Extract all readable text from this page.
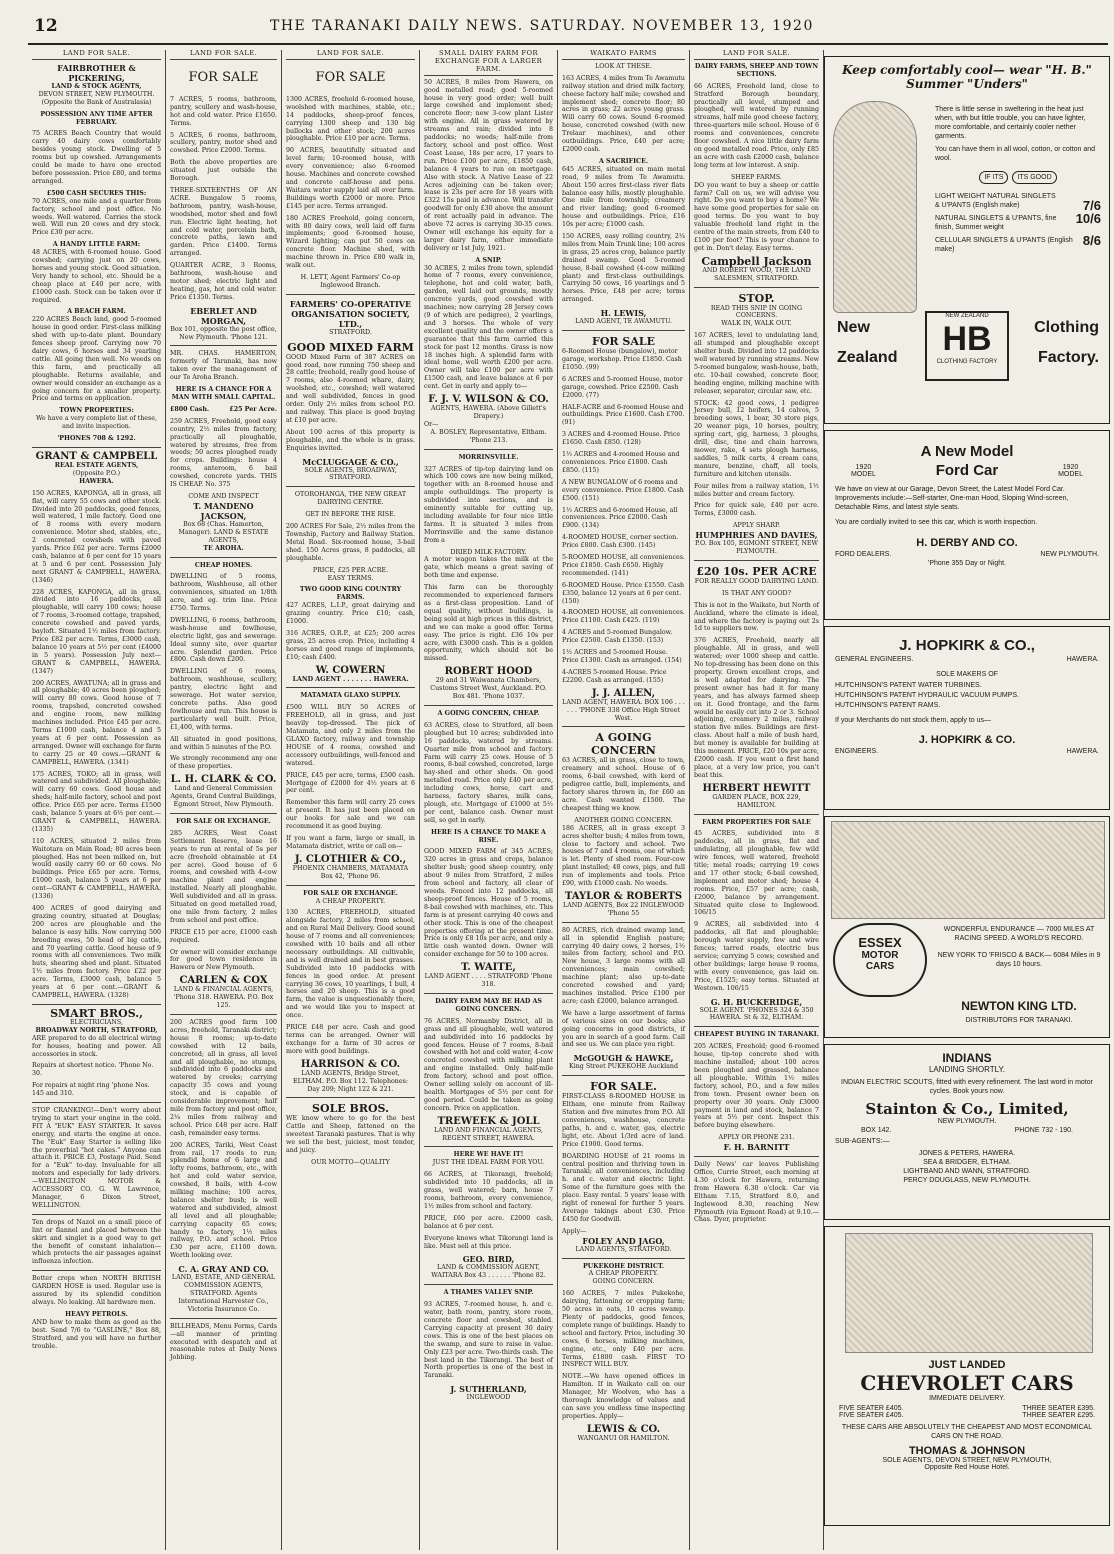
12	THE TARANAKI DAILY NEWS. SATURDAY. NOVEMBER 13, 1920
LAND FOR SALE.
FAIRBROTHER & PICKERING,
LAND & STOCK AGENTS,
DEVON STREET, NEW PLYMOUTH. (Opposite the Bank of Australasia)
POSSESSION ANY TIME AFTER FEBRUARY.

75 ACRES Beach Country that would carry 40 dairy cows comfortably besides young stock. Dwelling of 5 rooms but up cowshed. Arrangements could be made to have one erected before possession. Price £80, and terms arranged.

£500 CASH SECURES THIS:

70 ACRES, one mile and a quarter from factory, school and post office. No weeds. Well watered. Carries the stock well. Will run 20 cows and dry stock. Price £30 per acre.

A HANDY LITTLE FARM:

48 ACRES, with 6-roomed house. Good cowshed; carrying just on 20 cows, horses and young stock. Good situation. Very handy to school, etc. Should be a cheap place at £40 per acre, with £1000 cash. Stock can be taken over if required.

A BEACH FARM.

220 ACRES Beach land, good 5-roomed house in good order. First-class milking shed with up-to-date plant. Boundary fences sheep proof. Carrying now 70 dairy cows, 6 horses and 34 yearling cattle. All going then well. No weeds on this farm, and practically all ploughable. Returns available, and owner would consider an exchange as a going concern for a smaller property. Price and terms on application.

TOWN PROPERTIES:

We have a very complete list of these, and invite inspection.

'PHONES 708 & 1292.
GRANT & CAMPBELL
REAL ESTATE AGENTS,
(Opposite P.O.)
HAWERA.

150 ACRES, KAPONGA, all in grass, all flat, will carry 55 cows and other stock. Divided into 20 paddocks, good fences, well watered, 1 mile factory. Good one of 8 rooms with every modern convenience. Motor shed, stables, etc., 2 concreted cowsheds with paved yards. Price £62 per acre. Terms £2000 cash, balance at 6 per cent for 15 years at 5 and 6 per cent. Possession July next GRANT & CAMPBELL, HAWERA. (1346)

228 ACRES, KAPONGA, all in grass, divided into 16 paddocks, all ploughable, will carry 100 cows; house of 7 rooms, 3-roomed cottage, trapshed, concrete cowshed and paved yards, bayloft. Situated 1½ miles from factory. Price £82 per acre. Terms, £3000 cash, balance 10 years at 5½ per cent (£4000 in 5 years). Possession July next—GRANT & CAMPBELL, HAWERA. (1347)

200 ACRES, AWATUNA; all in grass and all ploughable; 40 acres been ploughed; will carry 80 cows. Good house of 7 rooms, trapshed, concreted cowshed and engine room, new milking machines included. Price £45 per acre. Terms £1000 cash, balance 4 and 5 years at 6 per cent. Possession as arranged. Owner will exchange for farm to carry 25 or 40 cows.—GRANT & CAMPBELL, HAWERA. (1341)

175 ACRES, TOKO; all in grass, well watered and subdivided. All ploughable; will carry 60 cows. Good house and sheds; half-mile factory, school and post office. Price £65 per acre. Terms £1500 cash, balance 5 years at 6½ per cent.—GRANT & CAMPBELL, HAWERA. (1335)

110 ACRES, situated 2 miles from Waitotara on Main Road; 80 acres been ploughed. Has not been milked on, but would easily carry 60 or 60 cows. No buildings. Price £65 per acre. Terms, £1000 cash, balance 5 years at 6 per cent—GRANT & CAMPBELL, HAWERA. (1336)

400 ACRES of good dairying and grazing country, situated at Douglas; 200 acres are ploughable and the balance is easy hills. Now carrying 500 breeding ewes, 50 head of big cattle, and 70 yearling cattle. Good house of 9 rooms with all conveniences. Two milk huts, shearing shed and plant. Situated 1½ miles from factory. Price £22 per acre. Terms, £3000 cash, balance 5 years at 6 per cent.—GRANT & CAMPBELL, HAWERA. (1328)

SMART BROS.,
ELECTRICIANS,
BROADWAY NORTH, STRATFORD,

ARE prepared to do all electrical wiring for houses, heating and power. All accessories in stock.

Repairs at shortest notice. 'Phone No. 30.

For repairs at night ring 'phone Nos. 145 and 310.

STOP CRANKING!—Don't worry about trying to start your engine in the cold. FIT A "EUK" EASY STARTER. It saves energy, and starts the engine at once. The "Euk" Easy Starter is selling like the proverbial "hot cakes." Anyone can attach it. PRICE £3, Postage Paid. Send for a "Euk" to-day. Invaluable for all motors and especially for lady drivers.—WELLINGTON MOTOR & ACCESSORY CO. G. W. Lawrence, Manager, 6 Dixon Street, WELLINGTON.

Ten drops of Nazol on a small piece of lint or flannel and placed between the skirt and singlet is a good way to get the benefit of constant inhalation—which protects the air passages against influenza infection.

Better crops when NORTH BRITISH GARDEN HOSE is used. Regular use is assured by its splendid condition always. No leaking. All hardware men.

HEAVY PETROLS.

AND how to make them as good as the best. Send 7/6 to "GASLINE," Box 88, Stratford, and you will have no further trouble.

LAND FOR SALE.
FOR SALE

7 ACRES, 5 rooms, bathroom, pantry, scullery and wash-house, hot and cold water. Price £1650. Terms.

5 ACRES, 6 rooms, bathroom, scullery, pantry, motor shed and cowshed. Price £2000. Terms.

Both the above properties are situated just outside the Borough.

THREE-SIXTEENTHS OF AN ACRE. Bungalow 5 rooms, bathroom, pantry, wash-house, woodshed, motor shed and fowl run. Electric light heating, hot and cold water, porcelain bath, concrete paths, lawn and garden. Price £1400. Terms arranged.

QUARTER ACRE, 3 Rooms, bathroom, wash-house and motor shed; electric light and heating, gas, hot and cold water. Price £1350. Terms.

EBERLET AND MORGAN,

Box 101, opposite the post office, New Plymouth. 'Phone 121.

MR. CHAS. HAMERTON, formerly of Taranaki, has now taken over the management of our Te Aroha Branch.

HERE IS A CHANCE FOR A MAN WITH SMALL CAPITAL.
£800 Cash.	£25 Per Acre.

259 ACRES, Freehold, good easy country, 2½ miles from factory, practically all ploughable, watered by streams, free from weeds; 50 acres ploughed ready for crops. Buildings: house 4 rooms, anteroom, 6 bail cowshed, concrete yards. THIS IS CHEAP. No. 375

COME AND INSPECT
T. MANDENO JACKSON,
Box 68 (Chas. Hamerton, Manager). LAND & ESTATE AGENTS,
TE AROHA.
CHEAP HOMES.

DWELLING of 5 rooms, bathroom, Washhouse, all other conveniences, situated on 1/8th acre, and eg. trim line. Price £750. Terms.

DWELLING, 6 rooms, bathroom, wash-house and fowlhouse, electric light, gas and sewerage. Ideal sunny site, over quarter acre. Splendid garden. Price £800. Cash down £200.

DWELLING of 6 rooms, bathroom, washhouse, scullery, pantry, electric light and sewerage. Hot water service, concrete paths. Also good fowlhouse and run. This house is particularly well built. Price, £1,400, with terms.

All situated in good positions, and within 5 minutes of the P.O.

We strongly recommend any one of these properties.

L. H. CLARK & CO.

Land and General Commission Agents, Grand Central Buildings, Egmont Street, New Plymouth.

FOR SALE OR EXCHANGE.

285 ACRES, West Coast Settlement Reserve, lease 16 years to run at rental of 5s per acre (freehold obtainable at £4 per acre). Good house of 6 rooms, and cowshed with 4-cow machine plant and engine installed. Nearly all ploughable. Well subdivided and all in grass. Situated on good metalled road, one mile from factory, 2 miles from school and post office.

PRICE £15 per acre, £1000 cash required.

Or owner will consider exchange for good town residence in Hawera or New Plymouth.

CARLEN & COX

LAND & FINANCIAL AGENTS, 'Phone 318. HAWERA. P.O. Box 125.

200 ACRES good farm 100 acres, freehold, Taranaki district; house 8 rooms; up-to-date cowshed with 12 bails, concreted; all in grass, all level and all ploughable, no stumps, subdivided into 6 paddocks and watered by creeks; carrying capacity 35 cows and young stock, and is capable of considerable improvement; half mile from factory and post office, 2¼ miles from railway and school. Price £48 per acre. Half cash, remainder easy terms.

200 ACRES, Tariki, West Coast from rail, 17 roods to run; splendid home of 6 large and lofty rooms, bathroom, etc., with hot and cold water service, cowshed, 8 bails, with 4-cow milking machine; 100 acres, balance shelter bush; is well watered and subdivided, almost all level and all ploughable; carrying capacity 65 cows; handy to factory, 1½ miles railway, P.O. and school. Price £30 per acre, £1100 down. Worth looking over.

C. A. GRAY AND CO.

LAND, ESTATE, AND GENERAL COMMISSION AGENTS, STRATFORD. Agents International Harvester Co., Victoria Insurance Co.

BILLHEADS, Menu Forms, Cards—all manner of printing executed with despatch and at reasonable rates at Daily News Jobbing.

LAND FOR SALE.
FOR SALE

1300 ACRES, freehold 6-roomed house, woolshed with machines, stable, etc.; 14 paddocks, sheep-proof fences, carrying 1300 sheep and 130 big bullocks and other stock; 200 acres ploughable. Price £10 per acre. Terms.

90 ACRES, beautifully situated and level farm; 10-roomed house, with every convenience; also 6-roomed house. Machines and concrete cowshed and concrete calf-house and pens. Waitara water supply laid all over farm. Buildings worth £2000 or more. Price £145 per acre. Terms arranged.

180 ACRES Freehold, going concern, with 80 dairy cows, well laid off farm implements; good 6-roomed house, Wizard lighting; can put 50 cows on concrete floor. Machine shed, with machine thrown in. Price £80 walk in, walk out.

H. LETT, Agent Farmers' Co-op Inglewood Branch.

FARMERS' CO-OPERATIVE ORGANISATION SOCIETY, LTD.,
STRATFORD.
GOOD MIXED FARM

GOOD Mixed Farm of 387 ACRES on good road, now running 750 sheep and 28 cattle; freehold, really good house of 7 rooms, also 4-roomed whare, dairy, woolshed, etc., cowshed; well watered and well subdivided, fences in good order. Only 2½ miles from school P.O. and railway. This place is good buying at £10 per acre.

About 100 acres of this property is ploughable, and the whole is in grass. Enquiries invited.

McCLUGGAGE & CO.,

SOLE AGENTS, BROADWAY, STRATFORD.

OTOROHANGA, THE NEW GREAT DAIRYING CENTRE.

GET IN BEFORE THE RISE.

200 ACRES For Sale, 2½ miles from the Township, Factory and Railway Station. Metal Road. Six-roomed house, 3-bail shed. 150 Acres grass, 8 paddocks, all ploughable.

PRICE, £25 PER ACRE.
EASY TERMS.
TWO GOOD KING COUNTRY FARMS.

427 ACRES, L.I.P., great dairying and grazing country. Price £10; cash, £1000.

316 ACRES, O.R.P., at £25; 200 acres grass, 25 acres crop. Price, including 4 horses and good range of implements, £10; cash £400.

W. COWERN
LAND AGENT . . . . . . . HAWERA.
MATAMATA GLAXO SUPPLY.

£500 WILL BUY 50 ACRES of FREEHOLD, all in grass, and just heavily top-dressed. The pick of Matamata, and only 2 miles from the GLAXO factory, railway and township HOUSE of 4 rooms, cowshed and accessory outbuildings, well-fenced and watered.

PRICE, £45 per acre, terms, £500 cash. Mortgage of £2000 for 4½ years at 6 per cent.

Remember this farm will carry 25 cows at present. It has just been placed on our books for sale and we can recommend it as good buying.

If you want a farm, large or small, in Matamata district, write or call on—

J. CLOTHIER & CO.,

PHOENIX CHAMBERS, MATAMATA Box 42, 'Phone 96.

FOR SALE OR EXCHANGE.
A CHEAP PROPERTY.

130 ACRES, FREEHOLD, situated alongside factory, 2 miles from school, and on Rural Mail Delivery. Good sound house of 7 rooms and all conveniences; cowshed with 10 bails and all other necessary outbuildings. All cultivable, and is well drained and in best grasses. Subdivided into 10 paddocks with fences in good order. At present carrying 36 cows, 10 yearlings, 1 bull, 4 horses and 20 sheep. This is a good farm, the value is unquestionably there, and we would like you to inspect at once.

PRICE £48 per acre. Cash and good terms can be arranged. Owner will exchange for a farm of 30 acres or more with good buildings.

HARRISON & CO.

LAND AGENTS, Bridge Street, ELTHAM. P.O. Box 112. Telephones: Day 209; Night 122 & 221.

SOLE BROS.

WE know where to go for the best Cattle and Sheep, fattened on the sweetest Taranaki pastures. That is why we sell the best, juiciest, most tender, and juicy.

OUR MOTTO—QUALITY
SMALL DAIRY FARM FOR EXCHANGE FOR A LARGER FARM.

50 ACRES, 8 miles from Hawera, on good metalled road; good 5-roomed house in very good order; well built large cowshed and implement shed; concrete floor; new 3-cow plant Lister with engine. All in grass watered by streams and rain; divided into 8 paddocks; no weeds; half-mile from factory, school and post office. West Coast Lease, 18s per acre, 17 years to run. Price £100 per acre, £1850 cash, balance 4 years to run on mortgage. Also with stock. A Native Lease of 22 Acres adjoining can be taken over; lease is 23s per acre for 18 years with £322 15s paid in advance. Will transfer goodwill for only £30 above the amount of rent actually paid in advance. The above 72 acres is carrying 30-35 cows. Owner will exchange his equity for a larger dairy farm, either immediate delivery or 1st July, 1921.

A SNIP.

30 ACRES, 2 miles from town, splendid home of 7 rooms, every convenience, telephone, hot and cold water, bath, garden, well laid out grounds, mostly concrete yards, good cowshed with machines; now carrying 28 Jersey cows (9 of which are pedigree), 2 yearlings, and 3 horses. The whole of very excellent quality and the owner offers a guarantee that this farm carried this stock for past 12 months. Grass is now 18 inches high. A splendid farm with ideal home, well worth £200 per acre. Owner will take £100 per acre with £1500 cash, and leave balance at 6 per cent. Get in early and apply to—

F. J. V. WILSON & CO.
AGENTS, HAWERA. (Above Gillett's Drapery.)
Or—

A. BOSLEY, Representative, Eltham. 'Phone 213.

MORRINSVILLE.

327 ACRES of tip-top dairying land on which 100 cows are now being milked, together with an 8-roomed house and ample outbuildings. The property is subdivided into sections, and is eminently suitable for cutting up, including available for four nice little farms. It is situated 3 miles from Morrinsville and the same distance from a

DRIED MILK FACTORY.

A motor wagon takes the milk at the gate, which means a great saving of both time and expense.

This farm can be thoroughly recommended to experienced farmers as a first-class proposition. Land of equal quality, without buildings, is being sold at high prices in this district, and we can make a good offer. Terms easy. The price is right. £36 10s per acre, with £3000 cash. This is a golden opportunity, which should not be missed.

ROBERT HOOD

29 and 31 Waiwanata Chambers, Customs Street West, Auckland. P.O. Box 481. 'Phone 1037.

A GOING CONCERN, CHEAP.

63 ACRES, close to Stratford, all been ploughed but 10 acres; subdivided into 16 paddocks, watered by streams. Quarter mile from school and factory. Farm will carry 25 cows. House of 5 rooms, 8-bail cowshed, concreted, large hay-shed and other sheds. On good metalled road. Price only £40 per acre, including cows, horse, cart and harness, factory shares, milk cans, plough, etc. Mortgage of £1000 at 5½ per cent, balance cash. Owner must sell, so get in early.

HERE IS A CHANCE TO MAKE A RISE.

GOOD MIXED FARM of 345 ACRES; 320 acres in grass and crops, balance shelter bush; good sheep country, only about 9 miles from Stratford, 2 miles from school and factory, all clear of weeds. Fenced into 12 paddocks, all sheep-proof fences. House of 5 rooms, 8-bail cowshed with machines, etc. This farm is at present carrying 40 cows and other stock. This is one of the cheapest properties offering at the present time. Price is only £8 10s per acre, and only a little cash wanted down. Owner will consider exchange for 50 to 100 acres.

T. WAITE,

LAND AGENT . . . . STRATFORD 'Phone 318.

DAIRY FARM MAY BE HAD AS GOING CONCERN.

76 ACRES, Normanby District, all in grass and all ploughable, well watered and subdivided into 16 paddocks by good fences. House of 7 rooms, 8-bail cowshed with hot and cold water, 4-cow concreted cowshed with milking plant and engine installed. Only half-mile from factory, school and post office. Owner selling solely on account of ill-health. Mortgages of 5½ per cent for good period. Could be taken as going concern. Price on application.

TREWEEK & JOLL

LAND AND FINANCIAL AGENTS, REGENT STREET, HAWERA.

HERE WE HAVE IT!
JUST THE IDEAL FARM FOR YOU.

66 ACRES, at Tikorangi, freehold; subdivided into 10 paddocks, all in grass, well watered; barn, house 7 rooms, bathroom, every convenience, 1½ miles from school and factory.

PRICE, £60 per acre. £2000 cash, balance at 6 per cent.

Everyone knows what Tikorangi land is like. Must sell at this price.

GEO. BIRD,

LAND & COMMISSION AGENT, WAITARA Box 43 . . . . . . 'Phone 82.

A THAMES VALLEY SNIP.

93 ACRES, 7-roomed house, h. and c. water, bath room, pantry, store room, concrete floor and cowshed, stabled. Carrying capacity at present 30 dairy cows. This is one of the best places on the swamp, and sure to raise in value. Only £23 per acre. Two-thirds cash. The best land in the Tikorangi. The best of North properties is one of the best in Taranaki.

J. SUTHERLAND,
INGLEWOOD
WAIKATO FARMS
LOOK AT THESE.

163 ACRES, 4 miles from Te Awamutu railway station and dried milk factory, cheese factory half mile; cowshed and implement shed; concrete floor; 80 acres in grass; 22 acres young grass. Will carry 60 cows. Sound 6-roomed house, concreted cowshed (with new Trelaar machines), and other outbuildings. Price, £40 per acre; £2000 cash.

A SACRIFICE.

645 ACRES, situated on main metal road, 9 miles from Te Awamutu. About 150 acres first-class river flats balance easy hills, mostly ploughable. One mile from township; creamery and river landing; good 6-roomed house and outbuildings. Price, £16 10s per acre; £1000 cash.

150 ACRES, easy rolling country, 2¼ miles from Main Trunk line; 100 acres in grass, 25 acres crop, balance partly drained swamp. Good 5-roomed house, 8-bail cowshed (4-cow milking plant) and first-class outbuildings. Carrying 50 cows, 16 yearlings and 5 horses. Price, £48 per acre; terms arranged.

H. LEWIS,

LAND AGENT, TE AWAMUTU.

FOR SALE

6-Roomed House (bungalow), motor garage, workshop. Price £1850. Cash £1050. (99)

6 ACRES and 5-roomed House, motor garage, cowshed. Price £2500. Cash £2000. (77)

HALF-ACRE and 6-roomed House and outbuildings. Price £1600. Cash £700. (91)

3 ACRES and 4-roomed House. Price £1650. Cash £850. (128)

1½ ACRES and 4-roomed House and conveniences. Price £1800. Cash £850. (115)

A NEW BUNGALOW of 6 rooms and every convenience. Price £1800. Cash £500. (151)

1½ ACRES and 6-roomed House, all conveniences. Price £2000. Cash £900. (134)

4-ROOMED HOUSE, corner section. Price £800. Cash £300. (145)

5-ROOMED HOUSE, all conveniences. Price £1850. Cash £650. Highly recommended. (141)

6-ROOMED House. Price £1550. Cash £350, balance 12 years at 6 per cent. (150)

4-ROOMED HOUSE, all conveniences. Price £1100. Cash £425. (119)

4 ACRES and 5-roomed Bungalow. Price £2500. Cash £1350. (153)

1½ ACRES and 5-roomed House. Price £1300. Cash as arranged. (154)

4-ACRES 5-roomed House. Price £2200. Cash as arranged. (155)

J. J. ALLEN,

LAND AGENT, HAWERA. BOX 106 . . . . . . 'PHONE 338 Office High Street West.

A GOING CONCERN

63 ACRES, all in grass, close to town, creamery and school. House of 6 rooms, 6-bail cowshed, with kerd of pedigree cattle, bull, implements, and factory shares thrown in, for £60 an acre. Cash wanted £1500. The cheapest thing we know.

ANOTHER GOING CONCERN.

186 ACRES, all in grass except 3 acres shelter bush; 4 miles from town, close to factory and school. Two houses of 7 and 4 rooms, one of which is let. Plenty of shed room. Four-cow plant installed; 48 cows, pigs, and full run of implements and tools. Price £90, with £1000 cash. No weeds.

TAYLOR & ROBERTS

LAND AGENTS, Box 22 INGLEWOOD 'Phone 55

80 ACRES, rich drained swamp land, all in splendid English pasture; carrying 40 dairy cows, 2 horses, 1½ miles from factory, school and P.O. New house, 3 large rooms with all conveniences; main cowshed; machine plant; also up-to-date concreted cowshed and yard; machines installed. Price £100 per acre; cash £2000, balance arranged.

We have a large assortment of farms of various sizes on our books; also going concerns in good districts, if you are in search of a good farm. Call and see us. We can place you right.

McGOUGH & HAWKE,

King Street PUKEKOHE Auckland

FOR SALE.

FIRST-CLASS 8-ROOMED HOUSE in Eltham, one minute from Railway Station and five minutes from P.O. All conveniences, washhouse, concrete paths, h. and c. water, gas, electric light, etc. About 1/3rd acre of land. Price £1900. Good terms.

BOARDING HOUSE of 21 rooms in central position and thriving town in Taranaki; all conveniences, including h. and c. water and electric light. Some of the furniture goes with the place. Easy rental. 5 years' lease with right of renewal for further 5 years. Average takings about £30. Price £450 for Goodwill.

Apply—
FOLEY AND JAGO,

LAND AGENTS, STRATFORD.

PUKEKOHE DISTRICT.
A CHEAP PROPERTY.
GOING CONCERN.

160 ACRES, 7 miles Pukekohe, dairying, fattening or cropping farm; 50 acres in oats, 10 acres swamp. Plenty of paddocks, good fences, complete range of buildings. Handy to school and factory. Price, including 30 cows, 6 horses, milking machines, engine, etc., only £40 per acre. Terms, £1800 cash. FIRST TO INSPECT WILL BUY.

NOTE.—We have opened offices in Hamilton. If in Waikato call on our Manager, Mr Woolven, who has a thorough knowledge of values and can save you endless time inspecting properties. Apply—

LEWIS & CO.
WANGANUI OR HAMILTON.
LAND FOR SALE.
DAIRY FARMS, SHEEP AND TOWN SECTIONS.

66 ACRES, Freehold land, close to Stratford Borough boundary, practically all level, stumped and ploughed, well watered by running streams, half mile good cheese factory, three-quarters mile school. House of 6 rooms and conveniences, concrete floor cowshed. A nice little dairy farm on good metalled road. Price, only £85 an acre with cash £2000 cash, balance long term at low interest. A snip.

SHEEP FARMS.

DO you want to buy a sheep or cattle farm? Call on us, we will advise you right. Do you want to buy a home? We have some good properties for sale on good terms. Do you want to buy valuable freehold land right in the centre of the main streets, from £40 to £100 per foot? This is your chance to get in. Don't delay. Easy terms.

Campbell Jackson

AND ROBERT WOOD, THE LAND SALESMEN, STRATFORD.

STOP.
READ THIS SNIP IN GOING CONCERNS.
WALK IN, WALK OUT.

167 ACRES, level to undulating land, all stumped and ploughable except shelter bush. Divided into 12 paddocks well watered by running streams. New 5-roomed bungalow, wash-house, bath, etc. 10-bail cowshed, concrete floor, heading engine, milking machine with releaser, separator, circular saw, etc.

STOCK: 42 good cows, 1 pedigree Jersey bull, 12 heifers, 14 calves, 5 breeding sows, 1 boar, 30 store pigs, 20 weaner pigs, 10 horses, poultry, spring cart, gig, harness, 3 ploughs, drill, disc, tine and chain harrows, mower, rake, 4 sets plough harness, saddles, 5 milk carts, 4 cream cans, manure, benzine, chaff, all tools, furniture and kitchen utensils.

Four miles from a railway station, 1½ miles butter and cream factory.

Price for quick sale, £40 per acre. Terms, £3000 cash.

APPLY SHARP.
HUMPHRIES AND DAVIES,

P.O. Box 105, EGMONT STREET, NEW PLYMOUTH.

£20 10s. PER ACRE
FOR REALLY GOOD DAIRYING LAND.
IS THAT ANY GOOD?

This is not in the Waikato, but North of Auckland, where the climate is ideal, and where the factory is paying out 2s 1d to suppliers now.

376 ACRES, Freehold, nearly all ploughable. All in grass, and well watered; over 1000 sheep and cattle. No top-dressing has been done on this property. Grown excellent crops, and is well adapted for dairying. The present owner has had it for many years, and has always farmed sheep on it. Good frontage, and the farm would be easily cut into 2 or 3. School adjoining, creamery 2 miles, railway station five miles. Buildings are first-class. About half a mile of bush hard, but money is available for building at this moment. PRICE, £20 10s per acre, £2000 cash. If you want a first hand place, at a very low price, you can't beat this.

HERBERT HEWITT

GARDEN PLACE, BOX 229, HAMILTON.

FARM PROPERTIES FOR SALE

45 ACRES, subdivided into 8 paddocks, all in grass, flat and undulating, all ploughable, few wild wire fences, well watered, freehold title; metal roads; carrying 19 cows and 17 other stock; 6-bail cowshed, implement and motor shed; house 4 rooms. Price, £57 per acre; cash, £2000, balance by arrangement. Situated quite close to Inglewood. 106/15

9 ACRES, all subdivided into 4 paddocks, all flat and ploughable; borough water supply, few and wire fences; tarred roads, electric bus service; carrying 5 cows; cowshed and other buildings; large house 9 rooms, with every convenience, gas laid on. Price, £1525; easy terms. Situated at Westown. 106/15

G. H. BUCKERIDGE,

SOLE AGENT. 'PHONES 324 & 350 HAWERA. St & 32, ELTHAM.

CHEAPEST BUYING IN TARANAKI.

205 ACRES, Freehold; good 6-roomed house, tip-top concrete shed with machine installed; about 100 acres been ploughed and grassed, balance all ploughable. Within 1½ miles factory, school, P.O., and a few miles from town. Present owner been on property over 30 years. Only £3000 payment in land and stock, balance 7 years at 5½ per cent. Inspect this before buying elsewhere.

APPLY OR PHONE 231.
F. H. BARNITT

Daily News' car leaves Publishing Office, Currie Street, each morning at 4.30 o'clock for Hawera, returning from Hawera 6.30 o'clock. Car via Eltham 7.15, Stratford 8.0, and Inglewood 8.30, reaching New Plymouth (via Egmont Road) at 9.10.—Chas. Dyer, proprietor.

Keep comfortably cool— wear "H. B." Summer "Unders"

There is little sense in sweltering in the heat just when, with but little trouble, you can have lighter, more comfortable, and certainly cooler nether garments.

You can have them in all wool, cotton, or cotton and wool.

IF ITS	ITS GOOD
LIGHT WEIGHT NATURAL SINGLETS
& U'PANTS (English make)	7/6
NATURAL SINGLETS & U'PANTS, fine finish, Summer weight
10/6
CELLULAR SINGLETS & U'PANTS (English make)
8/6
New
Zealand
NEW ZEALAND
HB
CLOTHING FACTORY
Clothing
Factory.
A New Model
1920
MODEL	Ford Car	1920
MODEL

We have on view at our Garage, Devon Street, the Latest Model Ford Car. Improvements include:—Self-starter, One-man Hood, Sloping Wind-screen, Detachable Rims, and latest style seats.

You are cordially invited to see this car, which is worth inspection.

H. DERBY AND CO.
FORD DEALERS.	NEW PLYMOUTH.
'Phone 355 Day or Night.
J. HOPKIRK & CO.,
GENERAL ENGINEERS.	HAWERA.
SOLE MAKERS OF
HUTCHINSON'S PATENT WATER TURBINES.
HUTCHINSON'S PATENT HYDRAULIC VACUUM PUMPS.
HUTCHINSON'S PATENT RAMS.
If your Merchants do not stock them, apply to us—
J. HOPKIRK & CO.
ENGINEERS.	HAWERA.
ESSEX
MOTOR
CARS

WONDERFUL ENDURANCE — 7000 MILES AT RACING SPEED. A WORLD'S RECORD.

NEW YORK TO 'FRISCO & BACK— 6084 Miles in 9 days 10 hours.

NEWTON KING LTD.
DISTRIBUTORS FOR TARANAKI.
INDIANS
LANDING SHORTLY.

INDIAN ELECTRIC SCOUTS, fitted with every refinement. The last word in motor cycles. Book yours now.

Stainton & Co., Limited,
NEW PLYMOUTH.
BOX 142.	PHONE 732 - 190.
SUB-AGENTS:—
JONES & PETERS, HAWERA.
SEA & BRIDGER, ELTHAM.
LIGHTBAND AND WANN, STRATFORD.
PERCY DOUGLASS, NEW PLYMOUTH.
JUST LANDED
CHEVROLET CARS
IMMEDIATE DELIVERY.
FIVE SEATER £405.	THREE SEATER £395.
FIVE SEATER £405.	THREE SEATER £295.

THESE CARS ARE ABSOLUTELY THE CHEAPEST AND MOST ECONOMICAL CARS ON THE ROAD.

THOMAS & JOHNSON
SOLE AGENTS, DEVON STREET, NEW PLYMOUTH,
Opposite Red House Hotel.
